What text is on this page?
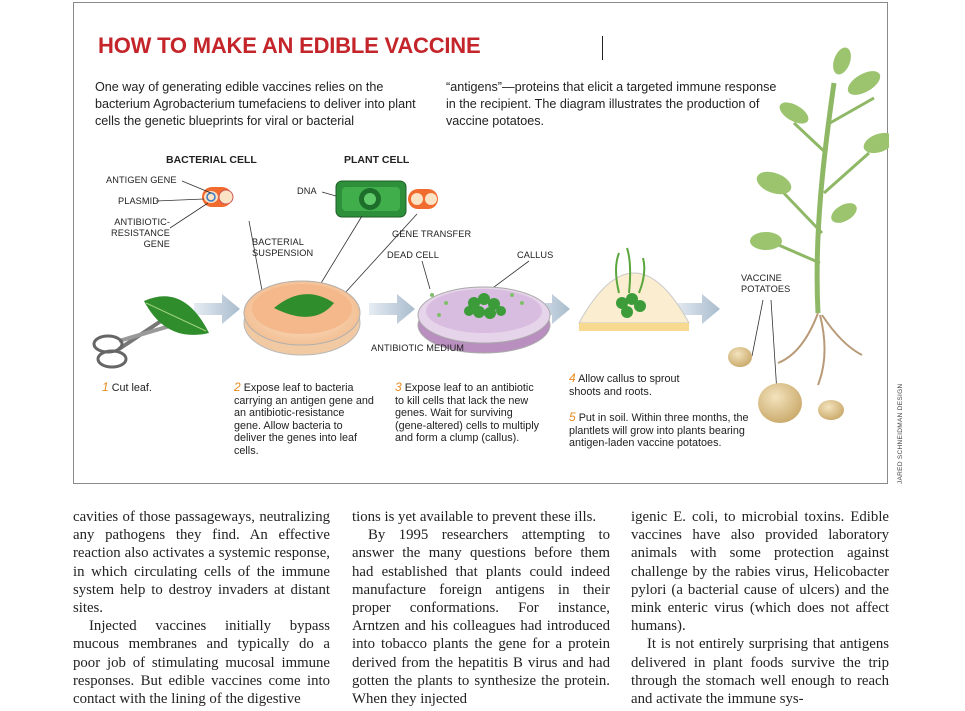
HOW TO MAKE AN EDIBLE VACCINE
One way of generating edible vaccines relies on the bacterium Agrobacterium tumefaciens to deliver into plant cells the genetic blueprints for viral or bacterial
“antigens”—proteins that elicit a targeted immune response in the recipient. The diagram illustrates the production of vaccine potatoes.
BACTERIAL CELL	PLANT CELL
ANTIGEN GENE
PLASMID
ANTIBIOTIC-
RESISTANCE
GENE
DNA
BACTERIAL
SUSPENSION
GENE TRANSFER
DEAD CELL	CALLUS
ANTIBIOTIC MEDIUM
VACCINE
POTATOES
1 Cut leaf.	2 Expose leaf to bacteria carrying an antigen gene and an antibiotic-resistance gene. Allow bacteria to deliver the genes into leaf cells.
3 Expose leaf to an antibiotic to kill cells that lack the new genes. Wait for surviving (gene-altered) cells to multiply and form a clump (callus).
4 Allow callus to sprout shoots and roots.
5 Put in soil. Within three months, the plantlets will grow into plants bearing antigen-laden vaccine potatoes.	JARED SCHNEIDMAN DESIGN

cavities of those passageways, neutralizing any pathogens they find. An effective reaction also activates a systemic response, in which circulating cells of the immune system help to destroy invaders at distant sites.

Injected vaccines initially bypass mucous membranes and typically do a poor job of stimulating mucosal immune responses. But edible vaccines come into contact with the lining of the digestive

tions is yet available to prevent these ills.

By 1995 researchers attempting to answer the many questions before them had established that plants could indeed manufacture foreign antigens in their proper conformations. For instance, Arntzen and his colleagues had introduced into tobacco plants the gene for a protein derived from the hepatitis B virus and had gotten the plants to synthesize the protein. When they injected

igenic E. coli, to microbial toxins. Edible vaccines have also provided laboratory animals with some protection against challenge by the rabies virus, Helicobacter pylori (a bacterial cause of ulcers) and the mink enteric virus (which does not affect humans).

It is not entirely surprising that antigens delivered in plant foods survive the trip through the stomach well enough to reach and activate the immune sys-
